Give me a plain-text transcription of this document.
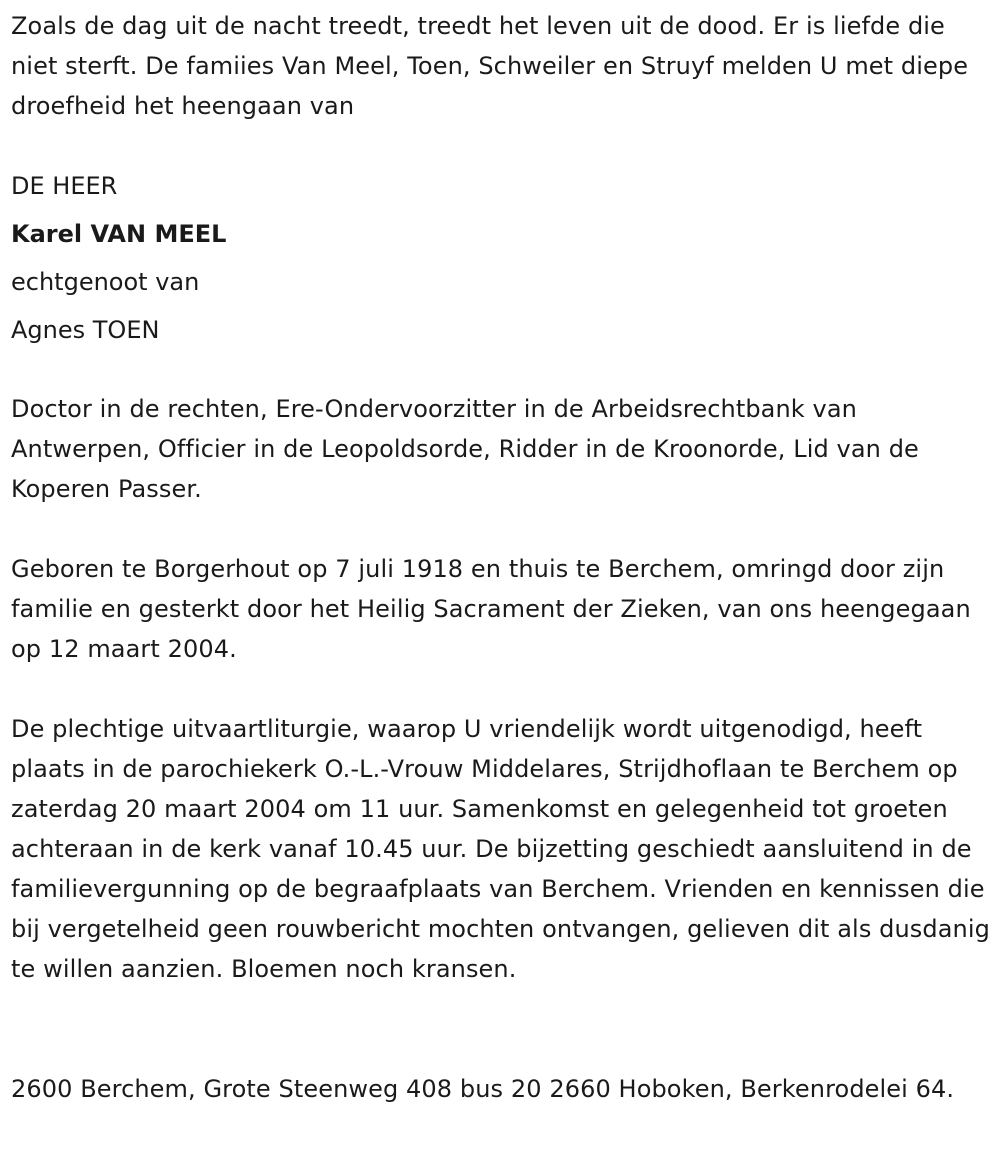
Zoals de dag uit de nacht treedt, treedt het leven uit de dood. Er is liefde die niet sterft. De famiies Van Meel, Toen, Schweiler en Struyf melden U met diepe droefheid het heengaan van

DE HEER

Karel VAN MEEL

echtgenoot van

Agnes TOEN

Doctor in de rechten, Ere-Ondervoorzitter in de Arbeidsrechtbank van Antwerpen, Officier in de Leopoldsorde, Ridder in de Kroonorde, Lid van de Koperen Passer.

Geboren te Borgerhout op 7 juli 1918 en thuis te Berchem, omringd door zijn familie en gesterkt door het Heilig Sacrament der Zieken, van ons heengegaan op 12 maart 2004.

De plechtige uitvaartliturgie, waarop U vriendelijk wordt uitgenodigd, heeft plaats in de parochiekerk O.-L.-Vrouw Middelares, Strijdhoflaan te Berchem op zaterdag 20 maart 2004 om 11 uur. Samenkomst en gelegenheid tot groeten achteraan in de kerk vanaf 10.45 uur. De bijzetting geschiedt aansluitend in de familievergunning op de begraafplaats van Berchem. Vrienden en kennissen die bij vergetelheid geen rouwbericht mochten ontvangen, gelieven dit als dusdanig te willen aanzien. Bloemen noch kransen.

2600 Berchem, Grote Steenweg 408 bus 20 2660 Hoboken, Berkenrodelei 64.
